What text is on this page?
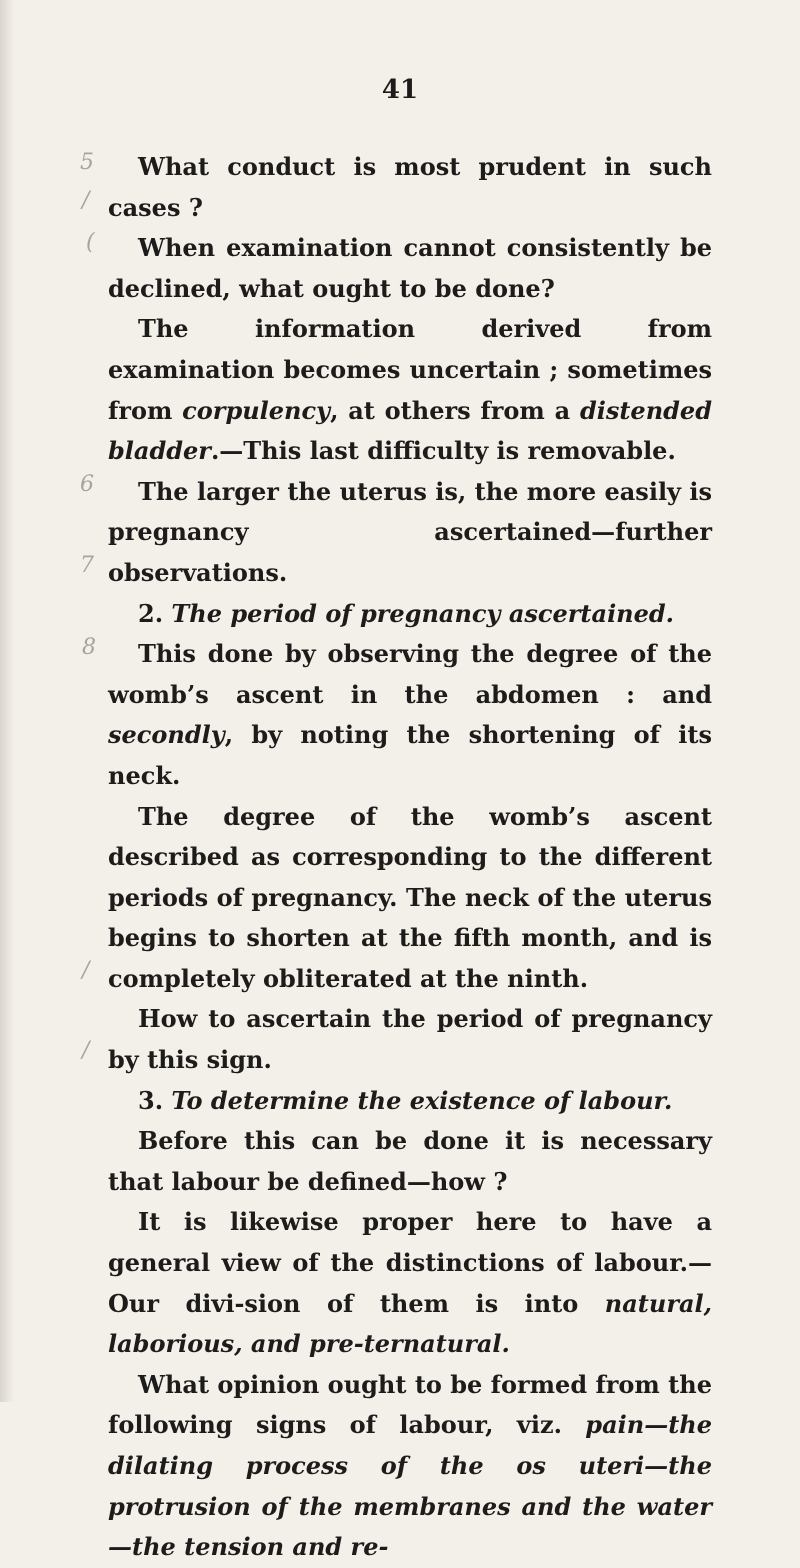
41
5
/
(
6
7
8
/
/

What conduct is most prudent in such cases ?

When examination cannot consistently be declined, what ought to be done?

The information derived from examination becomes uncertain ; sometimes from corpulency, at others from a distended bladder.—This last difficulty is removable.

The larger the uterus is, the more easily is pregnancy ascertained—further observations.

2. The period of pregnancy ascertained.

This done by observing the degree of the womb’s ascent in the abdomen : and secondly, by noting the shortening of its neck.

The degree of the womb’s ascent described as corresponding to the different periods of pregnancy. The neck of the uterus begins to shorten at the fifth month, and is completely obliterated at the ninth.

How to ascertain the period of pregnancy by this sign.

3. To determine the existence of labour.

Before this can be done it is necessary that labour be defined—how ?

It is likewise proper here to have a general view of the distinctions of labour.—Our divi-sion of them is into natural, laborious, and pre-ternatural.

What opinion ought to be formed from the following signs of labour, viz. pain—the dilating process of the os uteri—the protrusion of the membranes and the water—the tension and re-
